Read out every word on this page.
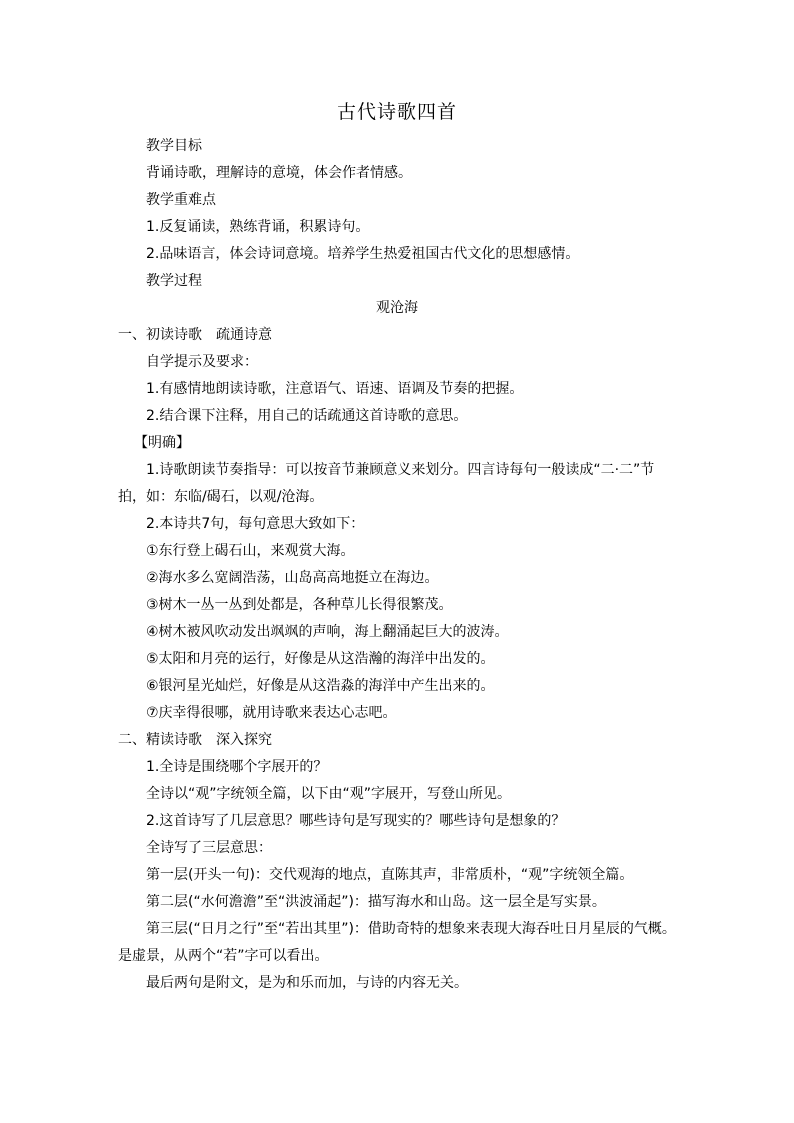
古代诗歌四首
教学目标
背诵诗歌，理解诗的意境，体会作者情感。
教学重难点
1.反复诵读，熟练背诵，积累诗句。
2.品味语言，体会诗词意境。培养学生热爱祖国古代文化的思想感情。
教学过程
观沧海
一、初读诗歌　疏通诗意
自学提示及要求：
1.有感情地朗读诗歌，注意语气、语速、语调及节奏的把握。
2.结合课下注释，用自己的话疏通这首诗歌的意思。
【明确】
1.诗歌朗读节奏指导：可以按音节兼顾意义来划分。四言诗每句一般读成“二·二”节拍，如：东临/碣石，以观/沧海。
2.本诗共7句，每句意思大致如下：
①东行登上碣石山，来观赏大海。
②海水多么宽阔浩荡，山岛高高地挺立在海边。
③树木一丛一丛到处都是，各种草儿长得很繁茂。
④树木被风吹动发出飒飒的声响，海上翻涌起巨大的波涛。
⑤太阳和月亮的运行，好像是从这浩瀚的海洋中出发的。
⑥银河星光灿烂，好像是从这浩淼的海洋中产生出来的。
⑦庆幸得很哪，就用诗歌来表达心志吧。
二、精读诗歌　深入探究
1.全诗是围绕哪个字展开的？
全诗以“观”字统领全篇，以下由“观”字展开，写登山所见。
2.这首诗写了几层意思？哪些诗句是写现实的？哪些诗句是想象的？
全诗写了三层意思：
第一层(开头一句)：交代观海的地点，直陈其声，非常质朴，“观”字统领全篇。
第二层(“水何澹澹”至“洪波涌起”)：描写海水和山岛。这一层全是写实景。
第三层(“日月之行”至“若出其里”)：借助奇特的想象来表现大海吞吐日月星辰的气概。是虚景，从两个“若”字可以看出。
最后两句是附文，是为和乐而加，与诗的内容无关。
